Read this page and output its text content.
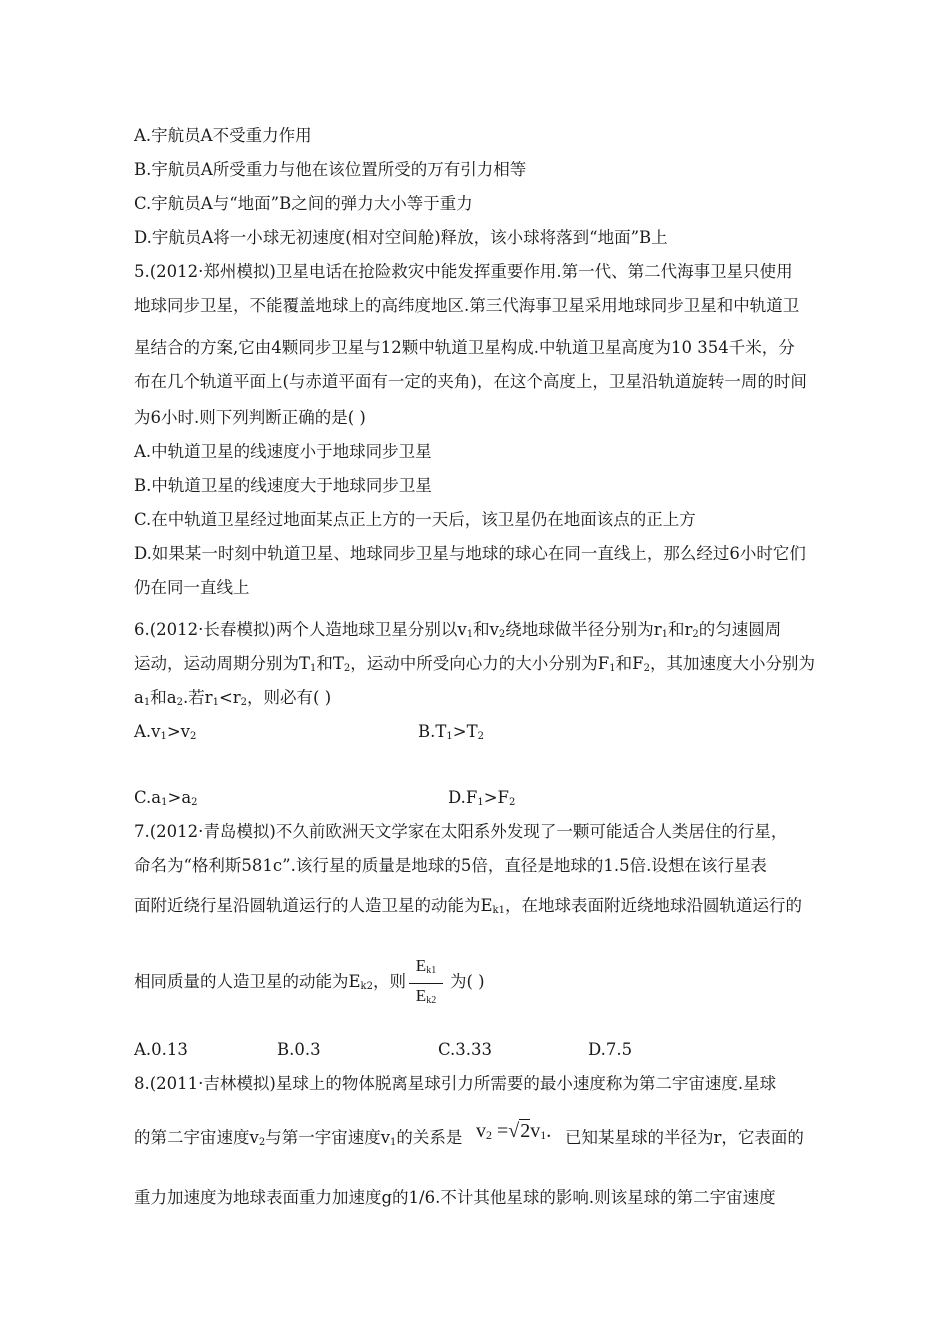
A.宇航员A不受重力作用
B.宇航员A所受重力与他在该位置所受的万有引力相等
C.宇航员A与“地面”B之间的弹力大小等于重力
D.宇航员A将一小球无初速度(相对空间舱)释放，该小球将落到“地面”B上
5.(2012·郑州模拟)卫星电话在抢险救灾中能发挥重要作用.第一代、第二代海事卫星只使用
地球同步卫星，不能覆盖地球上的高纬度地区.第三代海事卫星采用地球同步卫星和中轨道卫
星结合的方案,它由4颗同步卫星与12颗中轨道卫星构成.中轨道卫星高度为10 354千米，分
布在几个轨道平面上(与赤道平面有一定的夹角)，在这个高度上，卫星沿轨道旋转一周的时间
为6小时.则下列判断正确的是( )
A.中轨道卫星的线速度小于地球同步卫星
B.中轨道卫星的线速度大于地球同步卫星
C.在中轨道卫星经过地面某点正上方的一天后，该卫星仍在地面该点的正上方
D.如果某一时刻中轨道卫星、地球同步卫星与地球的球心在同一直线上，那么经过6小时它们
仍在同一直线上
6.(2012·长春模拟)两个人造地球卫星分别以$v_1$和$v_2$绕地球做半径分别为$r_1$和$r_2$的匀速圆周
运动，运动周期分别为$T_1$和$T_2$，运动中所受向心力的大小分别为$F_1$和$F_2$，其加速度大小分别为
$a_1$和$a_2$.若$r_1<r_2$，则必有( )
$A.v_1>v_2$	$B.T_1>T_2$
$C.a_1>a_2$	$D.F_1>F_2$
7.(2012·青岛模拟)不久前欧洲天文学家在太阳系外发现了一颗可能适合人类居住的行星，
命名为“格利斯581c”.该行星的质量是地球的5倍，直径是地球的1.5倍.设想在该行星表
面附近绕行星沿圆轨道运行的人造卫星的动能为$E_{k1}$，在地球表面附近绕地球沿圆轨道运行的
相同质量的人造卫星的动能为$E_{k2}$，则	为( )
$E_{k1}$
$E_{k2}$
A.0.13	B.0.3	C.3.33	D.7.5
8.(2011·吉林模拟)星球上的物体脱离星球引力所需要的最小速度称为第二宇宙速度.星球
的第二宇宙速度$v_2$与第一宇宙速度$v_1$的关系是 $v_2 =√2v_1$. 已知某星球的半径为r，它表面的
重力加速度为地球表面重力加速度g的1/6.不计其他星球的影响.则该星球的第二宇宙速度
